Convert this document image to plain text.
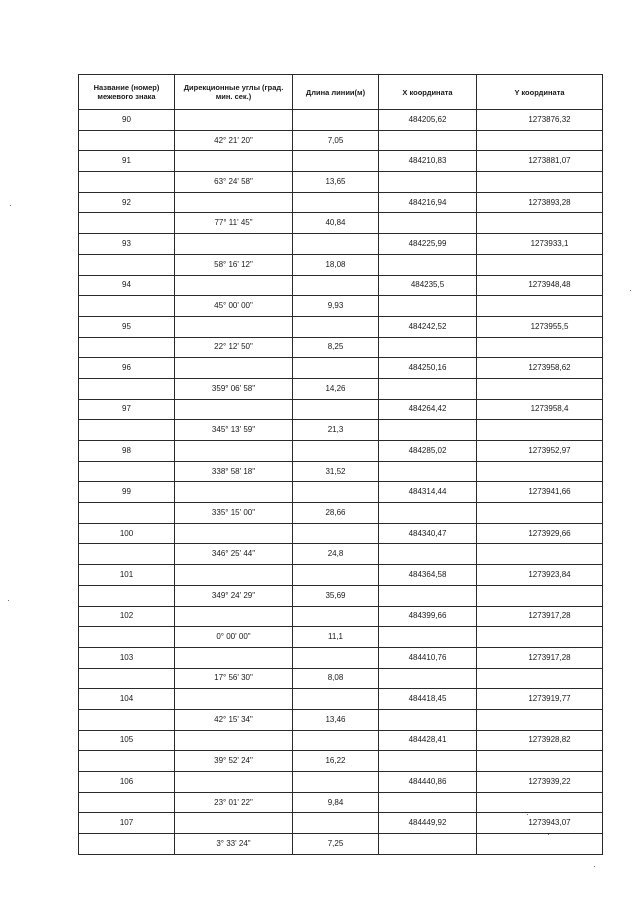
Название (номер) межевого знака	Дирекционные углы (град. мин. сек.)	Длина линии(м)	X координата	Y координата
90			484205,62	1273876,32
	42° 21' 20"	7,05		
91			484210,83	1273881,07
	63° 24' 58"	13,65		
92			484216,94	1273893,28
	77° 11' 45"	40,84		
93			484225,99	1273933,1
	58° 16' 12"	18,08		
94			484235,5	1273948,48
	45° 00' 00"	9,93		
95			484242,52	1273955,5
	22° 12' 50"	8,25		
96			484250,16	1273958,62
	359° 06' 58"	14,26		
97			484264,42	1273958,4
	345° 13' 59"	21,3		
98			484285,02	1273952,97
	338° 58' 18"	31,52		
99			484314,44	1273941,66
	335° 15' 00"	28,66		
100			484340,47	1273929,66
	346° 25' 44"	24,8		
101			484364,58	1273923,84
	349° 24' 29"	35,69		
102			484399,66	1273917,28
	0° 00' 00"	11,1		
103			484410,76	1273917,28
	17° 56' 30"	8,08		
104			484418,45	1273919,77
	42° 15' 34"	13,46		
105			484428,41	1273928,82
	39° 52' 24"	16,22		
106			484440,86	1273939,22
	23° 01' 22"	9,84		
107			484449,92	1273943,07
	3° 33' 24"	7,25		
